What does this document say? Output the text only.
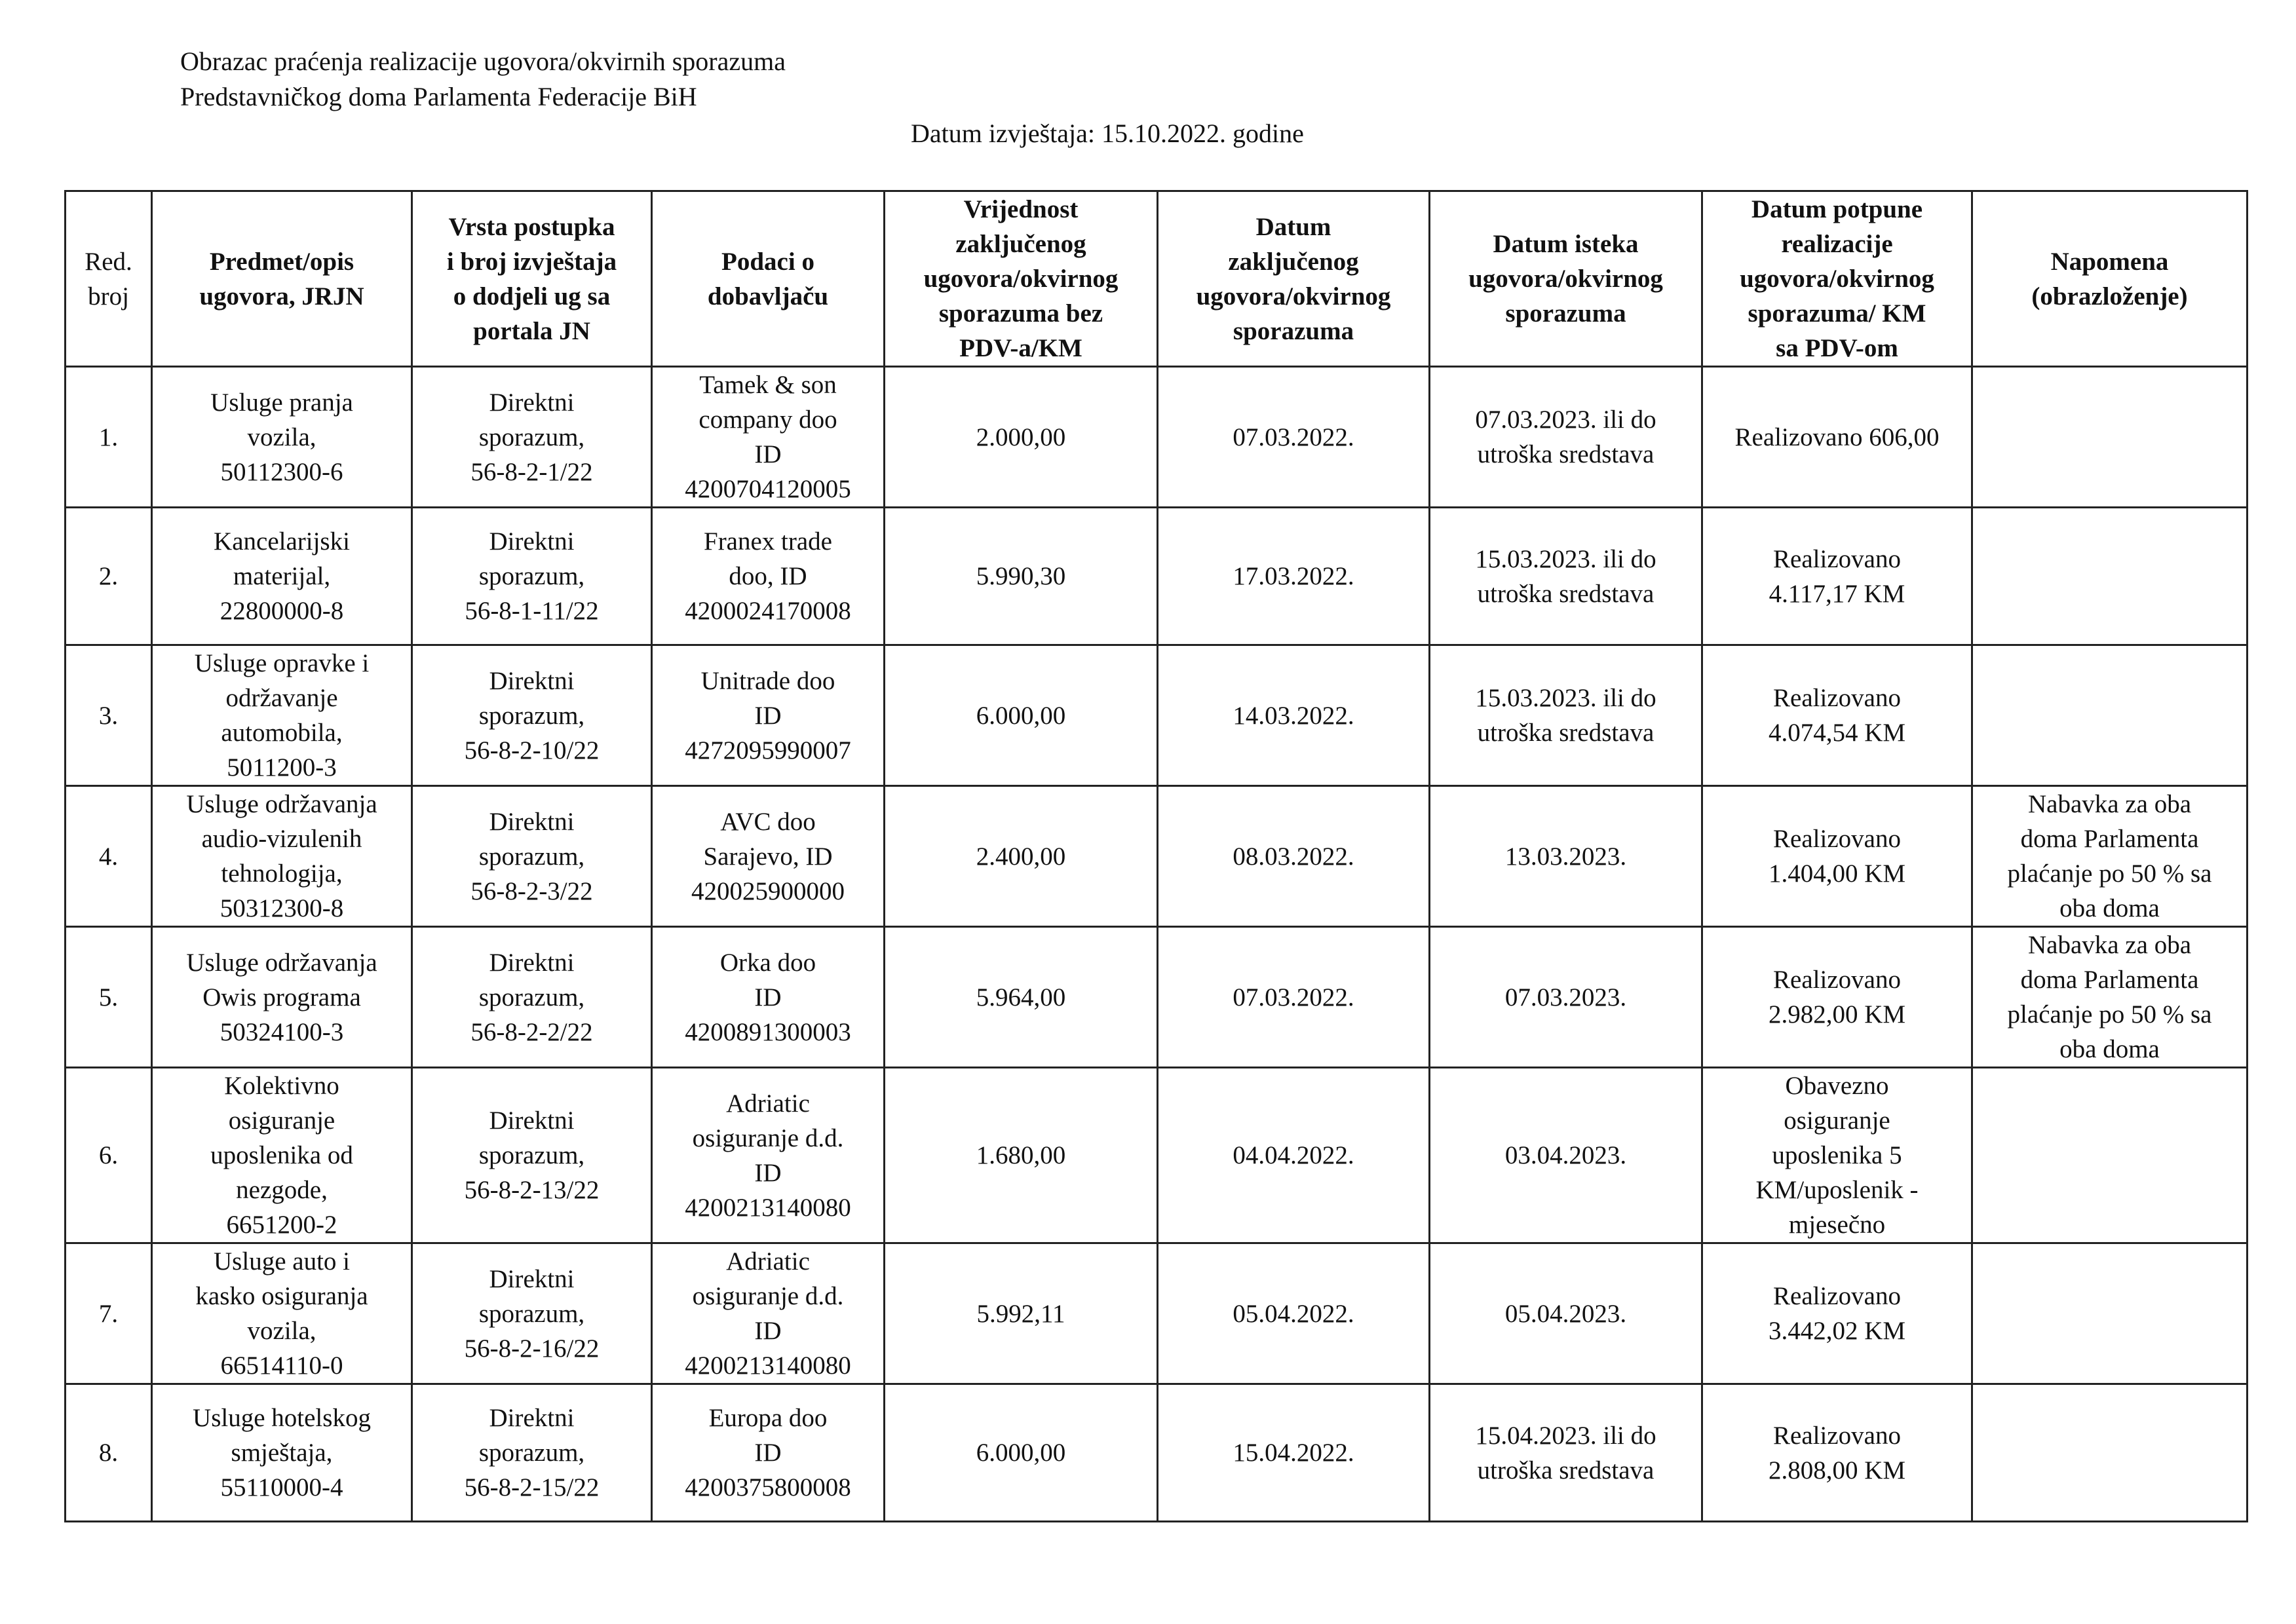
Obrazac praćenja realizacije ugovora/okvirnih sporazuma
Predstavničkog doma Parlamenta Federacije BiH
Datum izvještaja: 15.10.2022. godine
Red.
broj	Predmet/opis
ugovora, JRJN	Vrsta postupka
i broj izvještaja
o dodjeli ug sa
portala JN	Podaci o
dobavljaču	Vrijednost
zaključenog
ugovora/okvirnog
sporazuma bez
PDV-a/KM	Datum
zaključenog
ugovora/okvirnog
sporazuma	Datum isteka
ugovora/okvirnog
sporazuma	Datum potpune
realizacije
ugovora/okvirnog
sporazuma/ KM
sa PDV-om	Napomena
(obrazloženje)
1.	Usluge pranja
vozila,
50112300-6	Direktni
sporazum,
56-8-2-1/22	Tamek & son
company doo
ID
4200704120005	2.000,00	07.03.2022.	07.03.2023. ili do
utroška sredstava	Realizovano 606,00	
2.	Kancelarijski
materijal,
22800000-8	Direktni
sporazum,
56-8-1-11/22	Franex trade
doo, ID
4200024170008	5.990,30	17.03.2022.	15.03.2023. ili do
utroška sredstava	Realizovano
4.117,17 KM	
3.	Usluge opravke i
održavanje
automobila,
5011200-3	Direktni
sporazum,
56-8-2-10/22	Unitrade doo
ID
4272095990007	6.000,00	14.03.2022.	15.03.2023. ili do
utroška sredstava	Realizovano
4.074,54 KM	
4.	Usluge održavanja
audio-vizulenih
tehnologija,
50312300-8	Direktni
sporazum,
56-8-2-3/22	AVC doo
Sarajevo, ID
420025900000	2.400,00	08.03.2022.	13.03.2023.	Realizovano
1.404,00 KM	Nabavka za oba
doma Parlamenta
plaćanje po 50 % sa
oba doma
5.	Usluge održavanja
Owis programa
50324100-3	Direktni
sporazum,
56-8-2-2/22	Orka doo
ID
4200891300003	5.964,00	07.03.2022.	07.03.2023.	Realizovano
2.982,00 KM	Nabavka za oba
doma Parlamenta
plaćanje po 50 % sa
oba doma
6.	Kolektivno
osiguranje
uposlenika od
nezgode,
6651200-2	Direktni
sporazum,
56-8-2-13/22	Adriatic
osiguranje d.d.
ID
4200213140080	1.680,00	04.04.2022.	03.04.2023.	Obavezno
osiguranje
uposlenika 5
KM/uposlenik -
mjesečno	
7.	Usluge auto i
kasko osiguranja
vozila,
66514110-0	Direktni
sporazum,
56-8-2-16/22	Adriatic
osiguranje d.d.
ID
4200213140080	5.992,11	05.04.2022.	05.04.2023.	Realizovano
3.442,02 KM	
8.	Usluge hotelskog
smještaja,
55110000-4	Direktni
sporazum,
56-8-2-15/22	Europa doo
ID
4200375800008	6.000,00	15.04.2022.	15.04.2023. ili do
utroška sredstava	Realizovano
2.808,00 KM	
